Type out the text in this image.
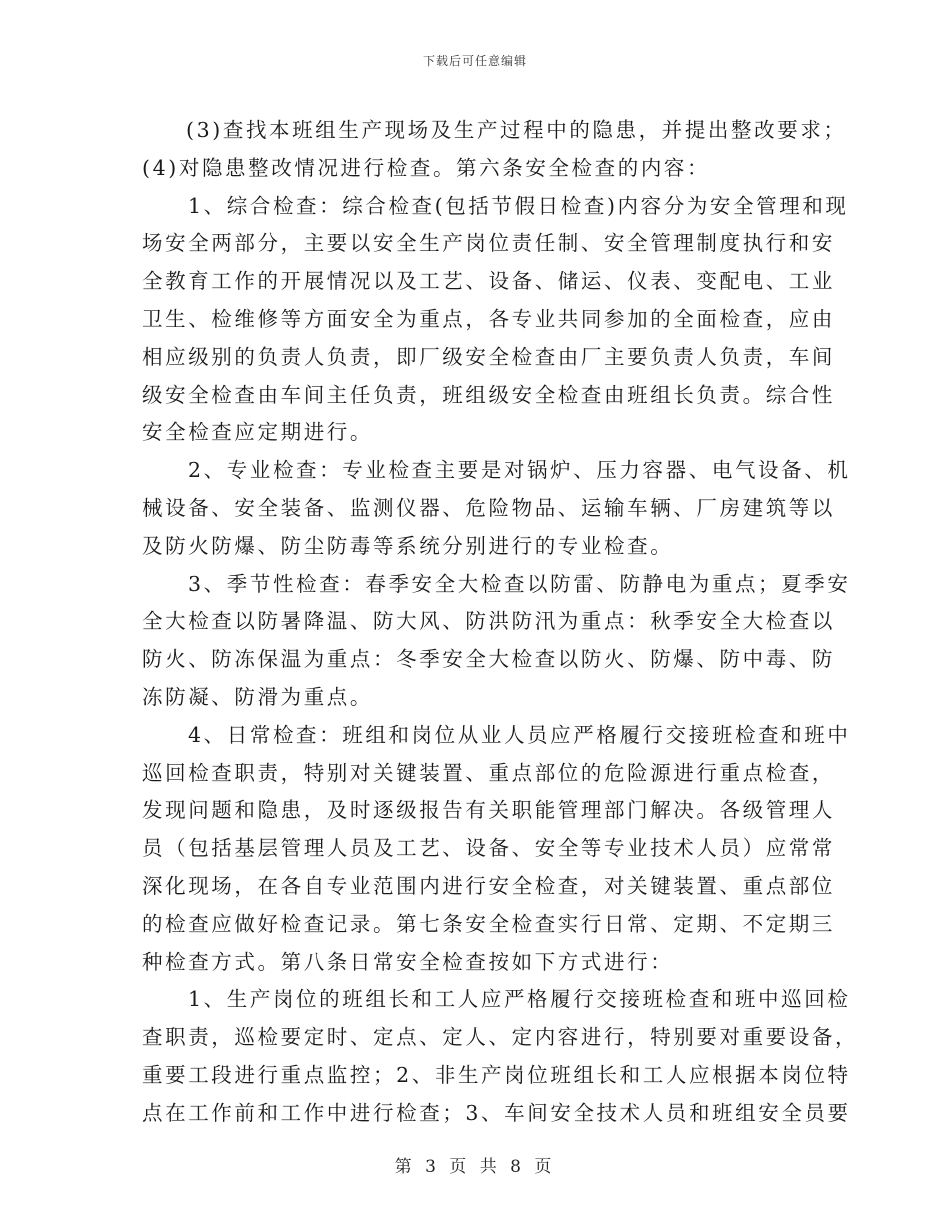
下载后可任意编辑
(3)查找本班组生产现场及生产过程中的隐患，并提出整改要求；
(4)对隐患整改情况进行检查。第六条安全检查的内容：
1、综合检查：综合检查(包括节假日检查)内容分为安全管理和现
场安全两部分，主要以安全生产岗位责任制、安全管理制度执行和安
全教育工作的开展情况以及工艺、设备、储运、仪表、变配电、工业
卫生、检维修等方面安全为重点，各专业共同参加的全面检查，应由
相应级别的负责人负责，即厂级安全检查由厂主要负责人负责，车间
级安全检查由车间主任负责，班组级安全检查由班组长负责。综合性
安全检查应定期进行。
2、专业检查：专业检查主要是对锅炉、压力容器、电气设备、机
械设备、安全装备、监测仪器、危险物品、运输车辆、厂房建筑等以
及防火防爆、防尘防毒等系统分别进行的专业检查。
3、季节性检查：春季安全大检查以防雷、防静电为重点；夏季安
全大检查以防暑降温、防大风、防洪防汛为重点：秋季安全大检查以
防火、防冻保温为重点：冬季安全大检查以防火、防爆、防中毒、防
冻防凝、防滑为重点。
4、日常检查：班组和岗位从业人员应严格履行交接班检查和班中
巡回检查职责，特别对关键装置、重点部位的危险源进行重点检查，
发现问题和隐患，及时逐级报告有关职能管理部门解决。各级管理人
员（包括基层管理人员及工艺、设备、安全等专业技术人员）应常常
深化现场，在各自专业范围内进行安全检查，对关键装置、重点部位
的检查应做好检查记录。第七条安全检查实行日常、定期、不定期三
种检查方式。第八条日常安全检查按如下方式进行：
1、生产岗位的班组长和工人应严格履行交接班检查和班中巡回检
查职责，巡检要定时、定点、定人、定内容进行，特别要对重要设备，
重要工段进行重点监控；2、非生产岗位班组长和工人应根据本岗位特
点在工作前和工作中进行检查；3、车间安全技术人员和班组安全员要
第 3 页 共 8 页
